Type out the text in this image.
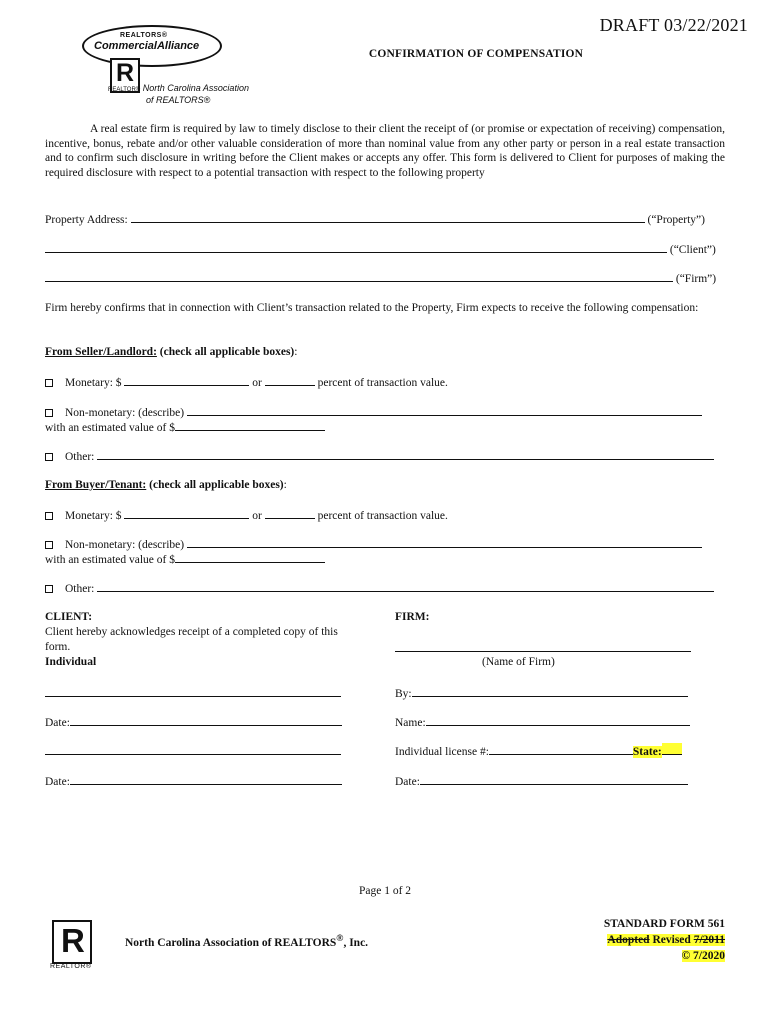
DRAFT 03/22/2021
CONFIRMATION OF COMPENSATION
REALTORS®
CommercialAlliance
R
REALTOR® North Carolina Association
of REALTORS®

A real estate firm is required by law to timely disclose to their client the receipt of (or promise or expectation of receiving) compensation, incentive, bonus, rebate and/or other valuable consideration of more than nominal value from any other party or person in a real estate transaction and to confirm such disclosure in writing before the Client makes or accepts any offer. This form is delivered to Client for purposes of making the required disclosure with respect to a potential transaction with respect to the following property

Property Address:	(“Property”)
(“Client”)
(“Firm”)
Firm hereby confirms that in connection with Client’s transaction related to the Property, Firm expects to receive the following compensation:
From Seller/Landlord: (check all applicable boxes):
Monetary: $	or	percent of transaction value.
Non-monetary: (describe)
with an estimated value of $
Other:
From Buyer/Tenant: (check all applicable boxes):
Monetary: $	or	percent of transaction value.
Non-monetary: (describe)
with an estimated value of $
Other:
CLIENT:
Client hereby acknowledges receipt of a completed copy of this
form.
Individual
Date:
Date:
FIRM:
(Name of Firm)
By:
Name:
Individual license #:	State:
Date:
Page 1 of 2
R
REALTOR®
North Carolina Association of REALTORS®, Inc.
STANDARD FORM 561
Adopted Revised 7/2011
© 7/2020
